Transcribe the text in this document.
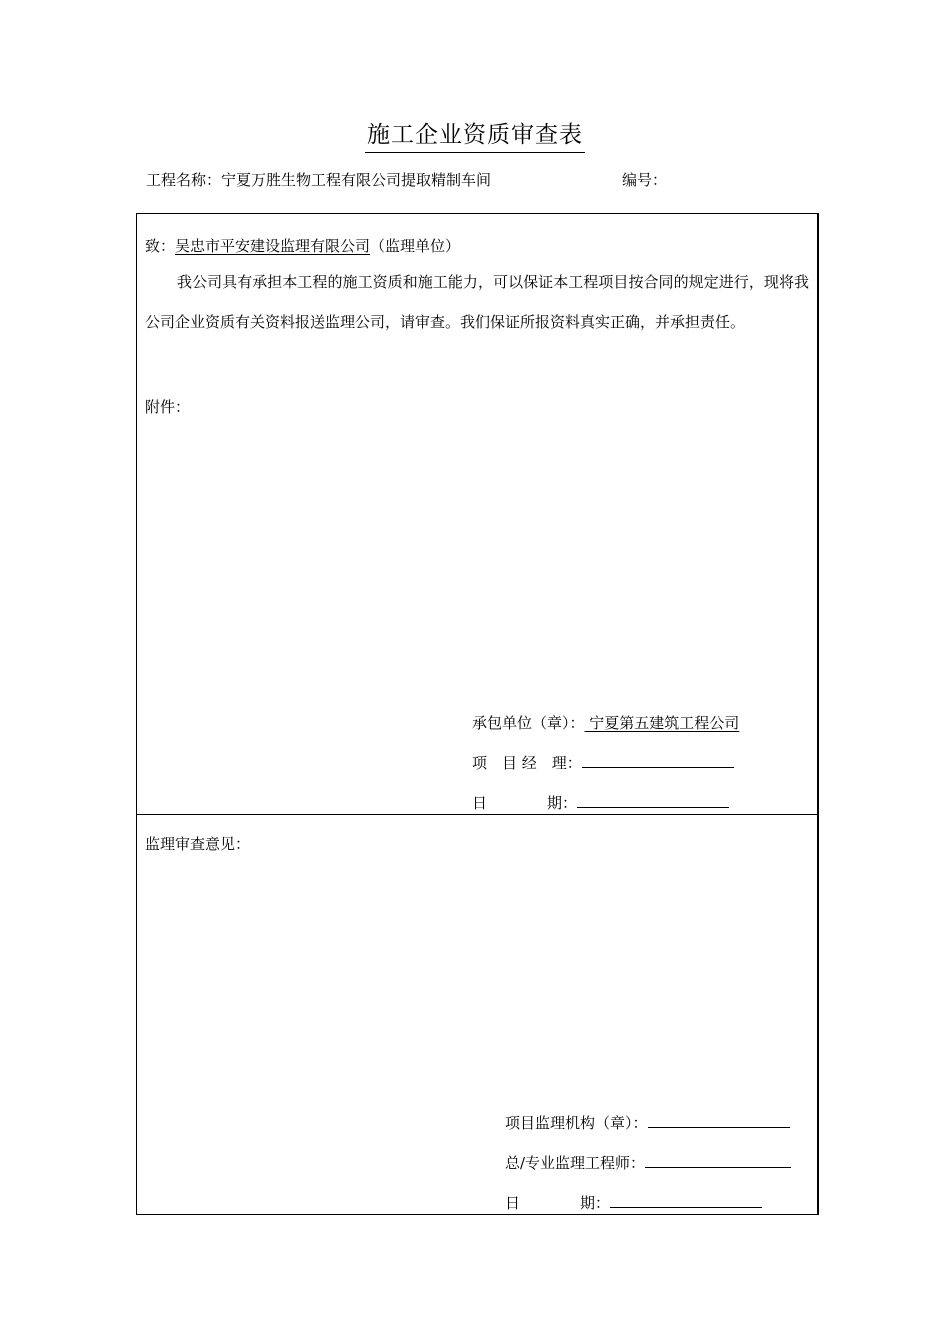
施工企业资质审查表
工程名称：宁夏万胜生物工程有限公司提取精制车间	编号：
致：吴忠市平安建设监理有限公司（监理单位）
我公司具有承担本工程的施工资质和施工能力，可以保证本工程项目按合同的规定进行，现将我公司企业资质有关资料报送监理公司，请审查。我们保证所报资料真实正确，并承担责任。
附件：
承包单位（章）： 宁夏第五建筑工程公司
项　目 经　理：
日　　　　期：
监理审查意见：
项目监理机构（章）：
总/专业监理工程师：
日　　　　期：
